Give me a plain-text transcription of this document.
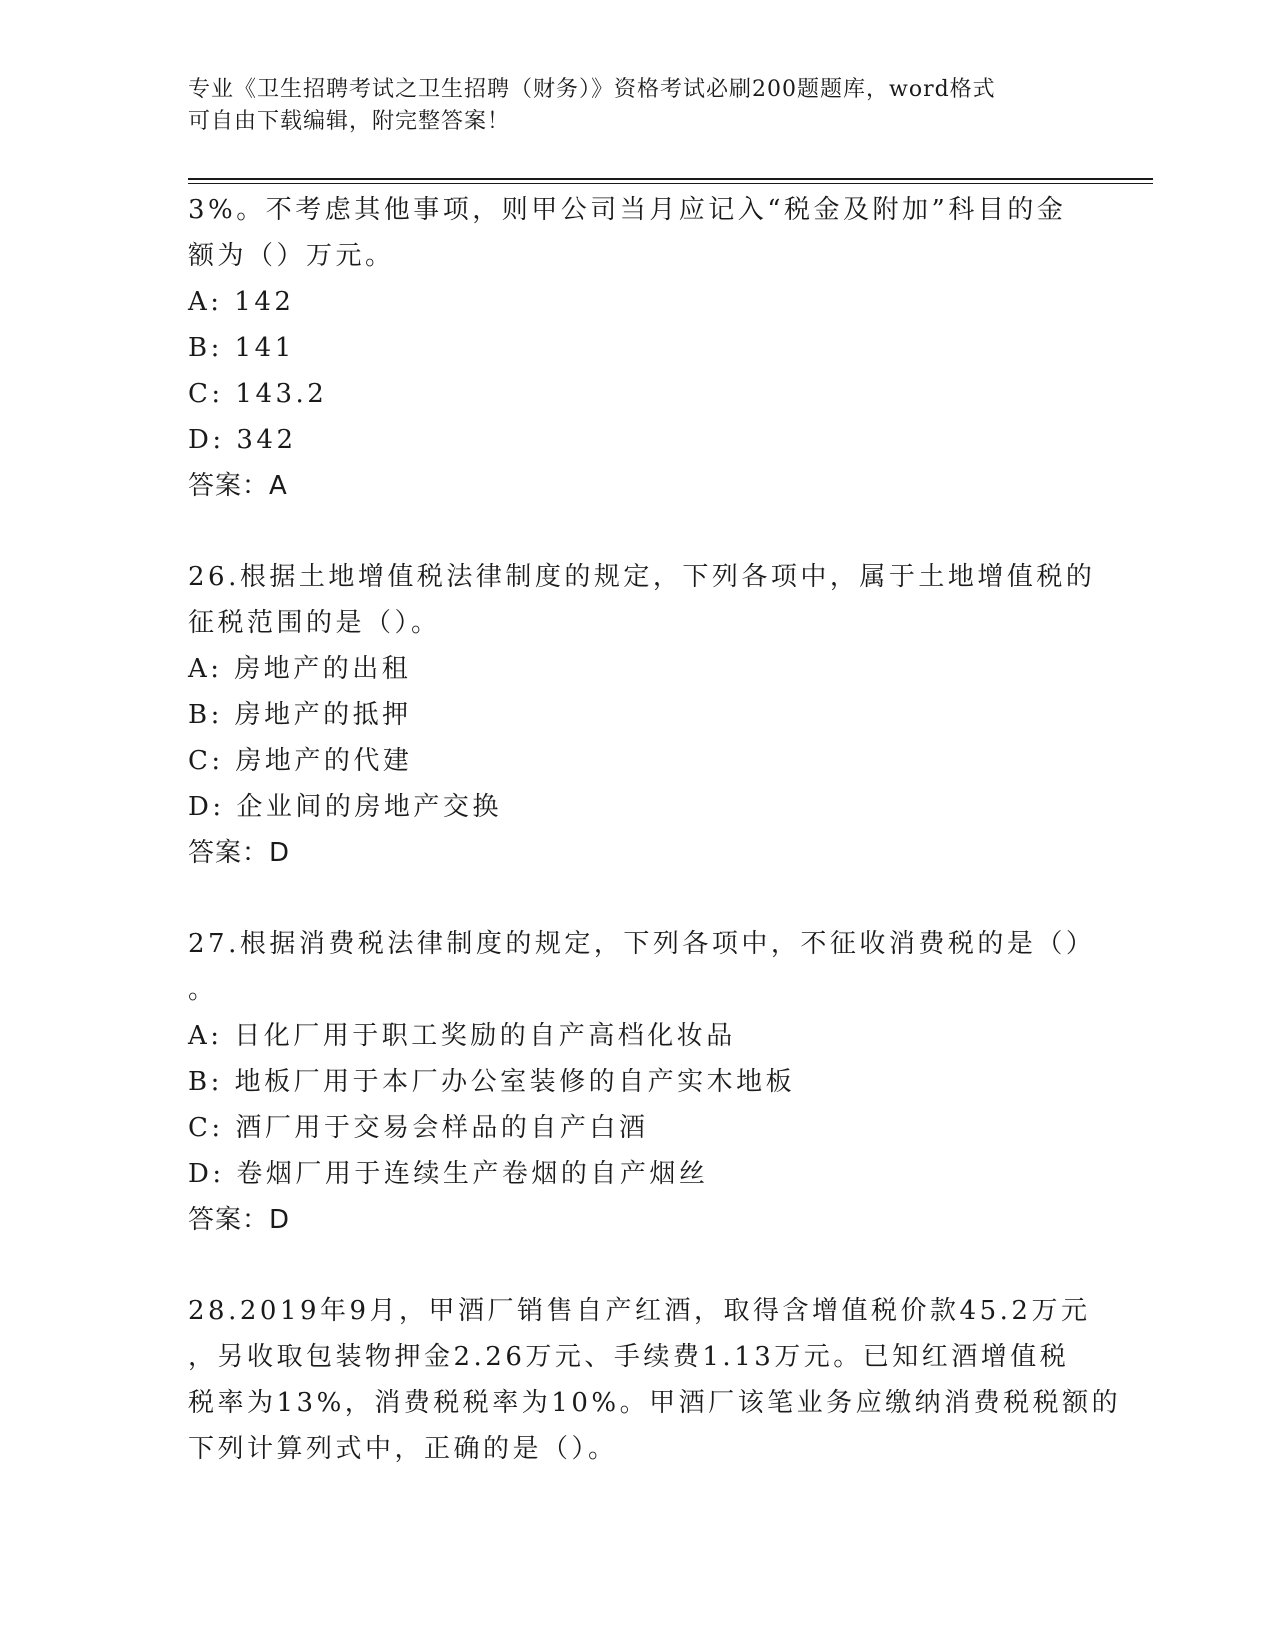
专业《卫生招聘考试之卫生招聘（财务）》资格考试必刷200题题库，word格式
可自由下载编辑，附完整答案！
3%。不考虑其他事项，则甲公司当月应记入“税金及附加”科目的金
额为（）万元。
A: 142
B: 141
C: 143.2
D: 342
答案：A
26.根据土地增值税法律制度的规定，下列各项中，属于土地增值税的
征税范围的是（）。
A: 房地产的出租
B: 房地产的抵押
C: 房地产的代建
D: 企业间的房地产交换
答案：D
27.根据消费税法律制度的规定，下列各项中，不征收消费税的是（）
。
A: 日化厂用于职工奖励的自产高档化妆品
B: 地板厂用于本厂办公室装修的自产实木地板
C: 酒厂用于交易会样品的自产白酒
D: 卷烟厂用于连续生产卷烟的自产烟丝
答案：D
28.2019年9月，甲酒厂销售自产红酒，取得含增值税价款45.2万元
，另收取包装物押金2.26万元、手续费1.13万元。已知红酒增值税
税率为13%，消费税税率为10%。甲酒厂该笔业务应缴纳消费税税额的
下列计算列式中，正确的是（）。
